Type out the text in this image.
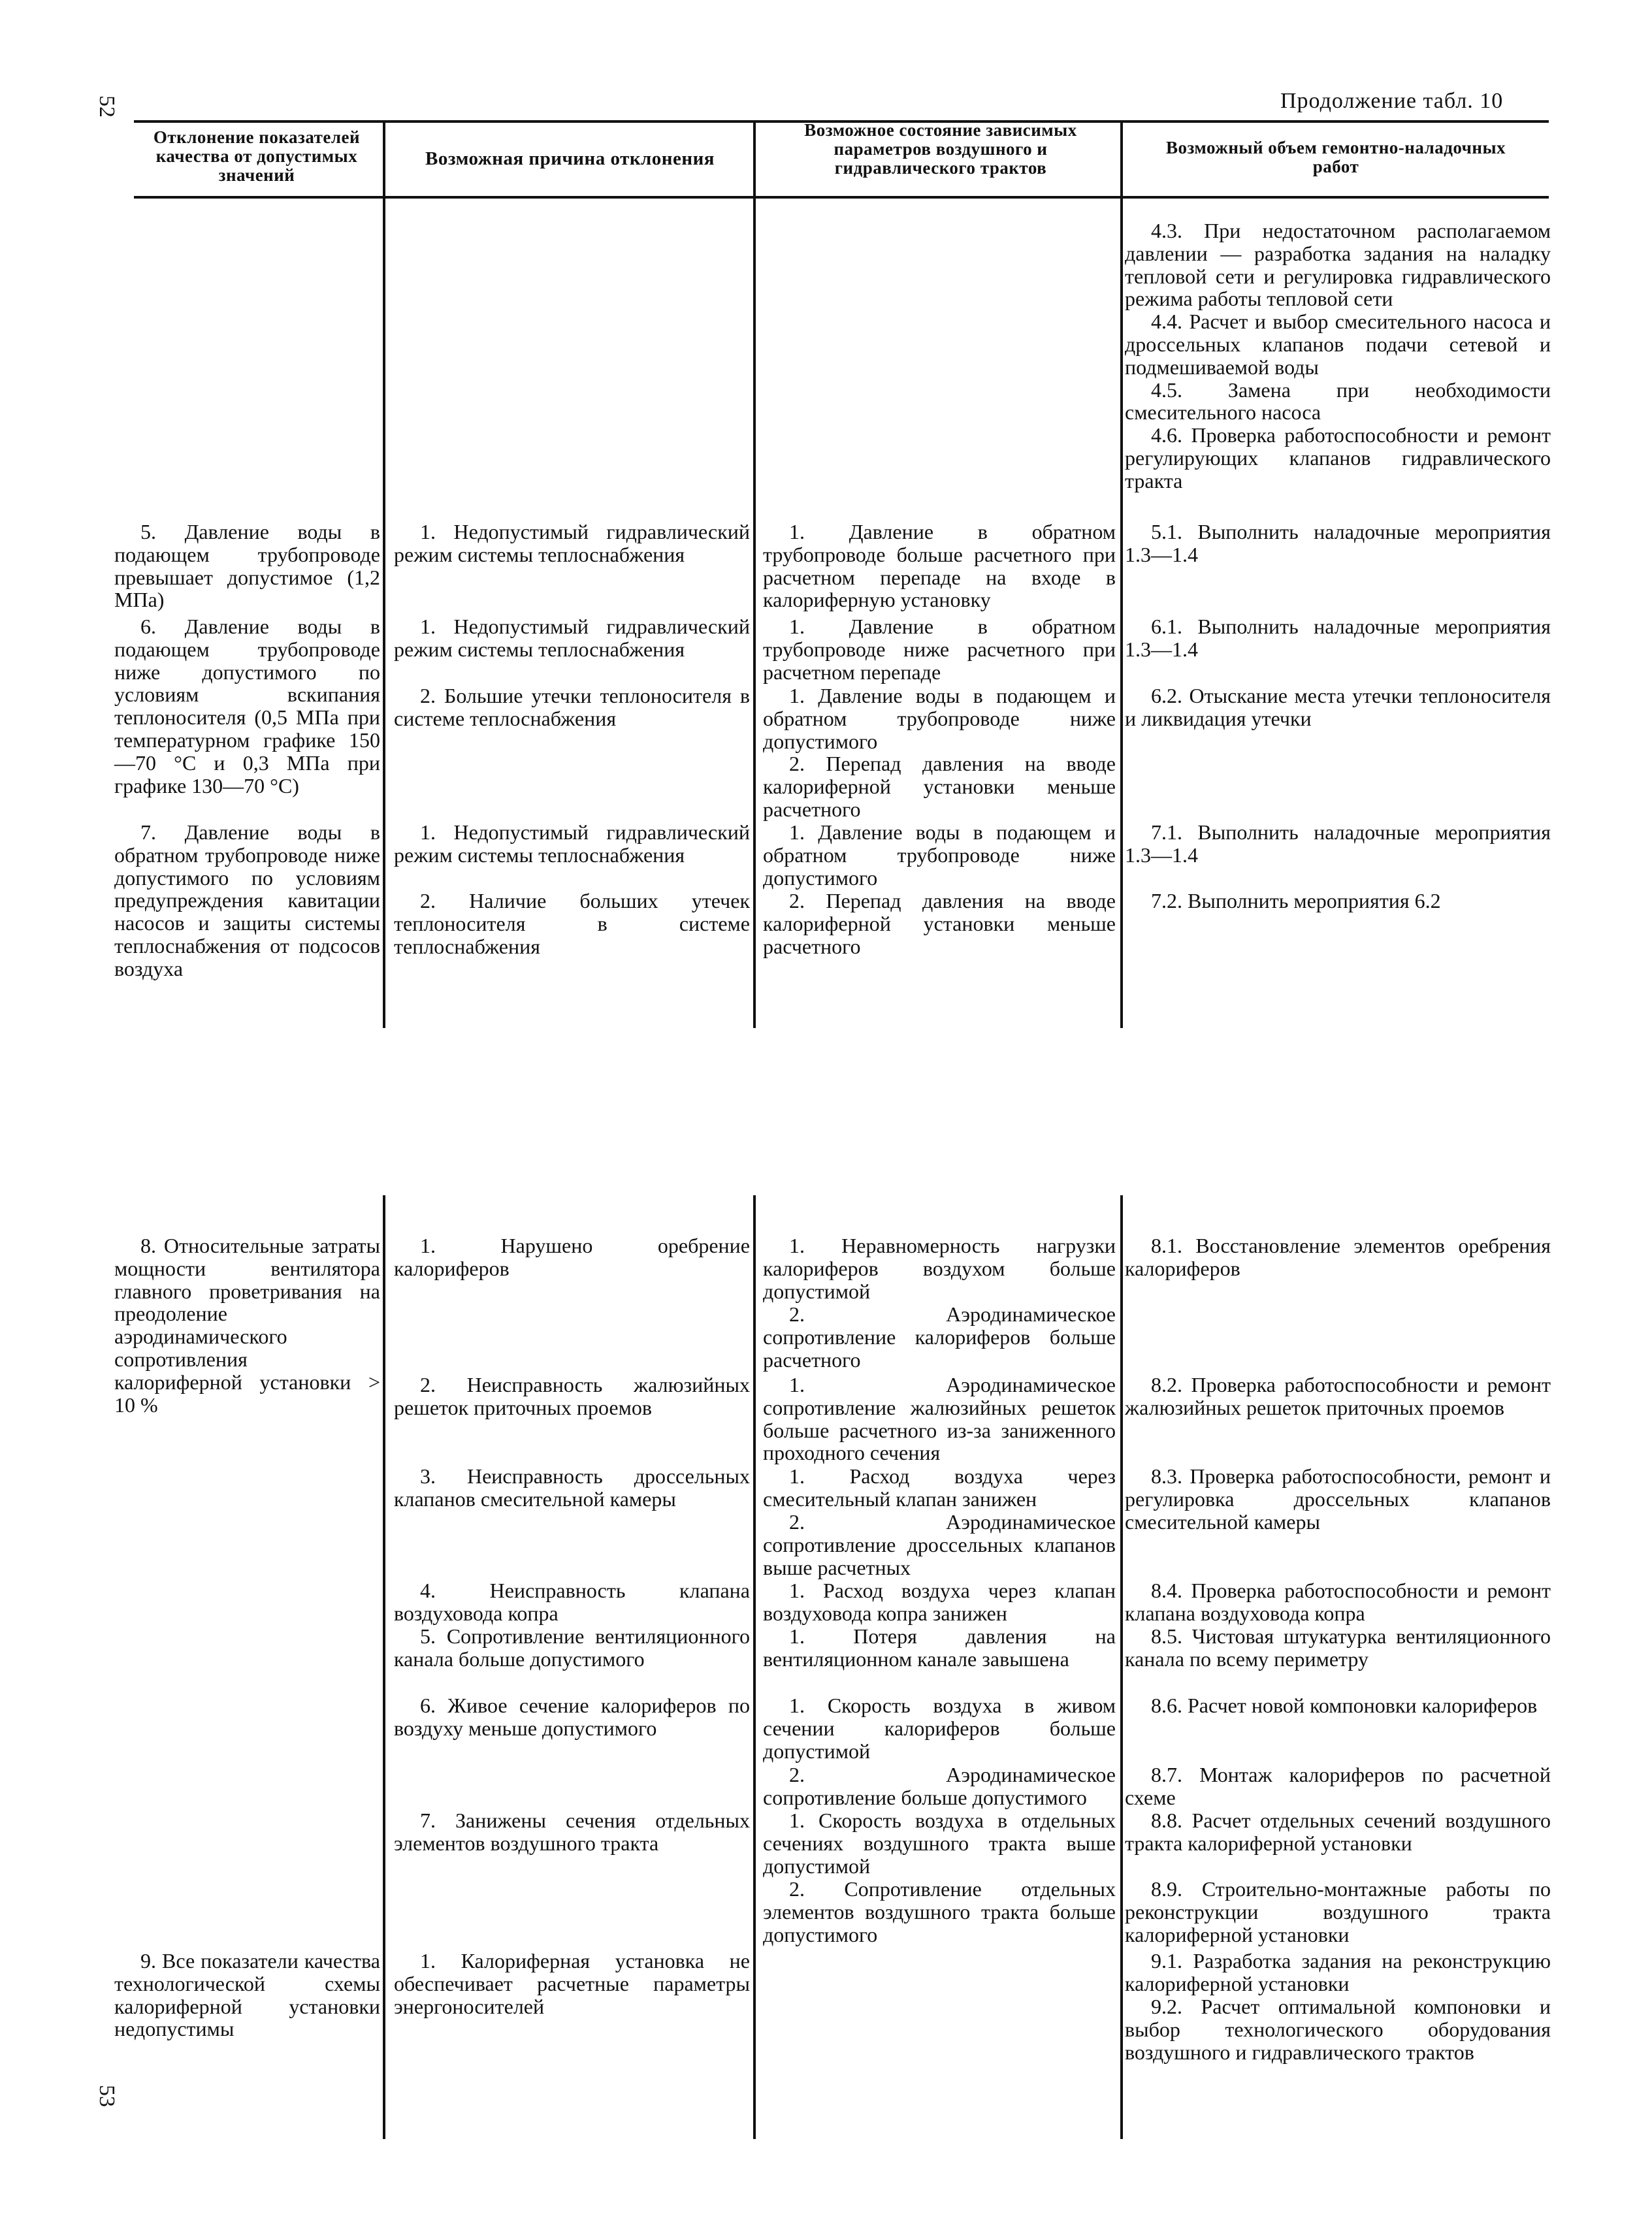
52
53
Продолжение табл. 10
Отклонение показателей качества от допустимых значений
Возможная причина отклонения
Возможное состояние зависимых параметров воздушного и гидравлического трактов
Возможный объем гемонтно-наладочных работ

4.3. При недостаточном располагаемом давлении — разработка задания на наладку тепловой сети и регулировка гидравлического режима работы тепловой сети

4.4. Расчет и выбор смесительного насоса и дроссельных клапанов подачи сетевой и подмешиваемой воды

4.5. Замена при необходимости смесительного насоса

4.6. Проверка работоспособности и ремонт регулирующих клапанов гидравлического тракта

5. Давление воды в подающем трубопроводе превышает допустимое (1,2 МПа)

1. Недопустимый гидравлический режим системы теплоснабжения

1. Давление в обратном трубопроводе больше расчетного при расчетном перепаде на входе в калориферную установку

5.1. Выполнить наладочные мероприятия 1.3—1.4

6. Давление воды в подающем трубопроводе ниже допустимого по условиям вскипания теплоносителя (0,5 МПа при температурном графике 150—70 °С и 0,3 МПа при графике 130—70 °С)

1. Недопустимый гидравлический режим системы теплоснабжения

2. Большие утечки теплоносителя в системе теплоснабжения

1. Давление в обратном трубопроводе ниже расчетного при расчетном перепаде

1. Давление воды в подающем и обратном трубопроводе ниже допустимого

2. Перепад давления на вводе калориферной установки меньше расчетного

6.1. Выполнить наладочные мероприятия 1.3—1.4

6.2. Отыскание места утечки теплоносителя и ликвидация утечки

7. Давление воды в обратном трубопроводе ниже допустимого по условиям предупреждения кавитации насосов и защиты системы теплоснабжения от подсосов воздуха

1. Недопустимый гидравлический режим системы теплоснабжения

2. Наличие больших утечек теплоносителя в системе теплоснабжения

1. Давление воды в подающем и обратном трубопроводе ниже допустимого

2. Перепад давления на вводе калориферной установки меньше расчетного

7.1. Выполнить наладочные мероприятия 1.3—1.4

7.2. Выполнить мероприятия 6.2

8. Относительные затраты мощности вентилятора главного проветривания на преодоление аэродинамического сопротивления калориферной установки > 10 %

1. Нарушено оребрение калориферов

2. Неисправность жалюзийных решеток приточных проемов

3. Неисправность дроссельных клапанов смесительной камеры

4. Неисправность клапана воздуховода копра

5. Сопротивление вентиляционного канала больше допустимого

6. Живое сечение калориферов по воздуху меньше допустимого

7. Занижены сечения отдельных элементов воздушного тракта

1. Неравномерность нагрузки калориферов воздухом больше допустимой

2. Аэродинамическое сопротивление калориферов больше расчетного

1. Аэродинамическое сопротивление жалюзийных решеток больше расчетного из-за заниженного проходного сечения

1. Расход воздуха через смесительный клапан занижен

2. Аэродинамическое сопротивление дроссельных клапанов выше расчетных

1. Расход воздуха через клапан воздуховода копра занижен

1. Потеря давления на вентиляционном канале завышена

1. Скорость воздуха в живом сечении калориферов больше допустимой

2. Аэродинамическое сопротивление больше допустимого

1. Скорость воздуха в отдельных сечениях воздушного тракта выше допустимой

2. Сопротивление отдельных элементов воздушного тракта больше допустимого

8.1. Восстановление элементов оребрения калориферов

8.2. Проверка работоспособности и ремонт жалюзийных решеток приточных проемов

8.3. Проверка работоспособности, ремонт и регулировка дроссельных клапанов смесительной камеры

8.4. Проверка работоспособности и ремонт клапана воздуховода копра

8.5. Чистовая штукатурка вентиляционного канала по всему периметру

8.6. Расчет новой компоновки калориферов

8.7. Монтаж калориферов по расчетной схеме

8.8. Расчет отдельных сечений воздушного тракта калориферной установки

8.9. Строительно-монтажные работы по реконструкции воздушного тракта калориферной установки

9. Все показатели качества технологической схемы калориферной установки недопустимы

1. Калориферная установка не обеспечивает расчетные параметры энергоносителей

9.1. Разработка задания на реконструкцию калориферной установки

9.2. Расчет оптимальной компоновки и выбор технологического оборудования воздушного и гидравлического трактов
